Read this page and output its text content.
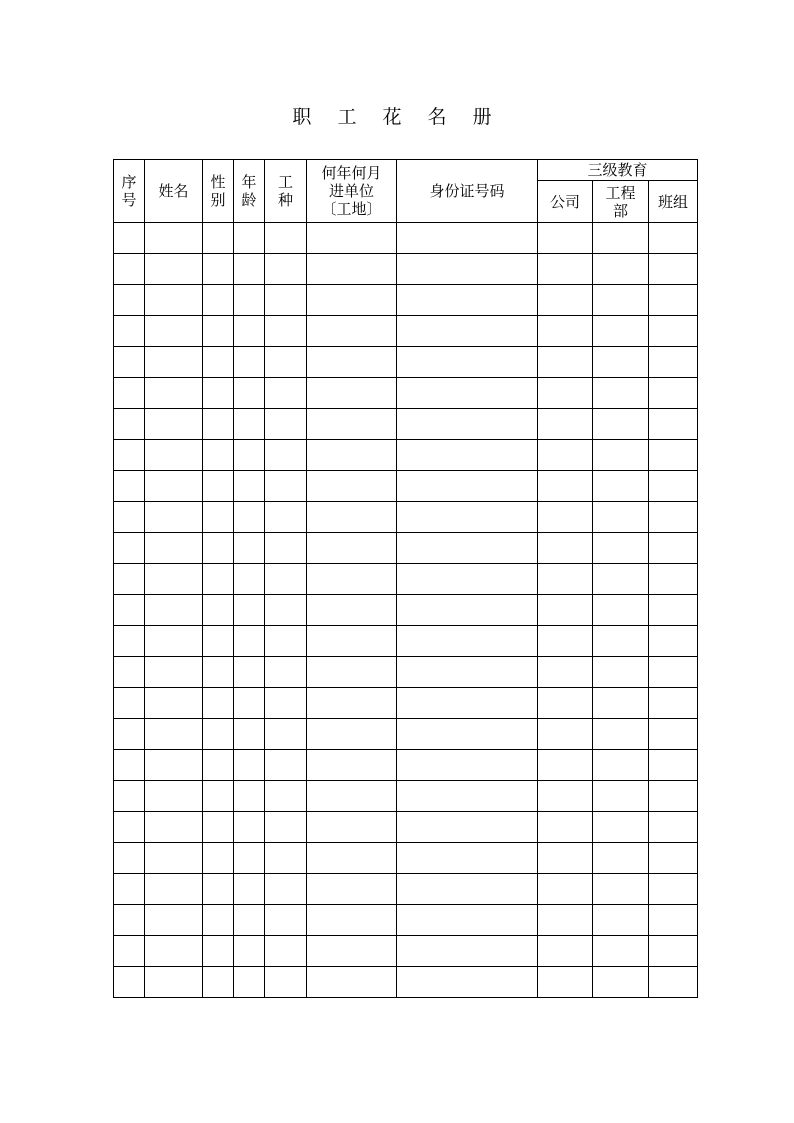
职 工 花 名 册
序号	姓名	性别	年龄	工种	何年何月进单位〔工地〕	身份证号码	三级教育		
							公司	工程部	班组
